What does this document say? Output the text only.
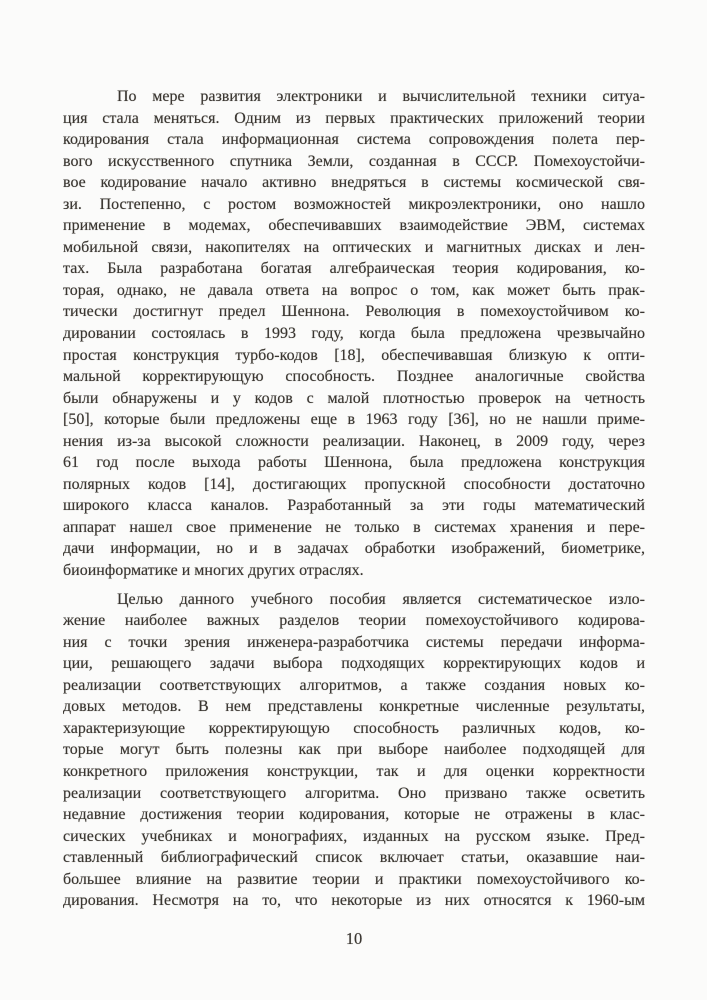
По мере развития электроники и вычислительной техники ситуа-
ция стала меняться. Одним из первых практических приложений теории
кодирования стала информационная система сопровождения полета пер-
вого искусственного спутника Земли, созданная в СССР. Помехоустойчи-
вое кодирование начало активно внедряться в системы космической свя-
зи. Постепенно, с ростом возможностей микроэлектроники, оно нашло
применение в модемах, обеспечивавших взаимодействие ЭВМ, системах
мобильной связи, накопителях на оптических и магнитных дисках и лен-
тах. Была разработана богатая алгебраическая теория кодирования, ко-
торая, однако, не давала ответа на вопрос о том, как может быть прак-
тически достигнут предел Шеннона. Революция в помехоустойчивом ко-
дировании состоялась в 1993 году, когда была предложена чрезвычайно
простая конструкция турбо-кодов [18], обеспечивавшая близкую к опти-
мальной корректирующую способность. Позднее аналогичные свойства
были обнаружены и у кодов с малой плотностью проверок на четность
[50], которые были предложены еще в 1963 году [36], но не нашли приме-
нения из-за высокой сложности реализации. Наконец, в 2009 году, через
61 год после выхода работы Шеннона, была предложена конструкция
полярных кодов [14], достигающих пропускной способности достаточно
широкого класса каналов. Разработанный за эти годы математический
аппарат нашел свое применение не только в системах хранения и пере-
дачи информации, но и в задачах обработки изображений, биометрике,
биоинформатике и многих других отраслях.
Целью данного учебного пособия является систематическое изло-
жение наиболее важных разделов теории помехоустойчивого кодирова-
ния с точки зрения инженера-разработчика системы передачи информа-
ции, решающего задачи выбора подходящих корректирующих кодов и
реализации соответствующих алгоритмов, а также создания новых ко-
довых методов. В нем представлены конкретные численные результаты,
характеризующие корректирующую способность различных кодов, ко-
торые могут быть полезны как при выборе наиболее подходящей для
конкретного приложения конструкции, так и для оценки корректности
реализации соответствующего алгоритма. Оно призвано также осветить
недавние достижения теории кодирования, которые не отражены в клас-
сических учебниках и монографиях, изданных на русском языке. Пред-
ставленный библиографический список включает статьи, оказавшие наи-
большее влияние на развитие теории и практики помехоустойчивого ко-
дирования. Несмотря на то, что некоторые из них относятся к 1960-ым
10
